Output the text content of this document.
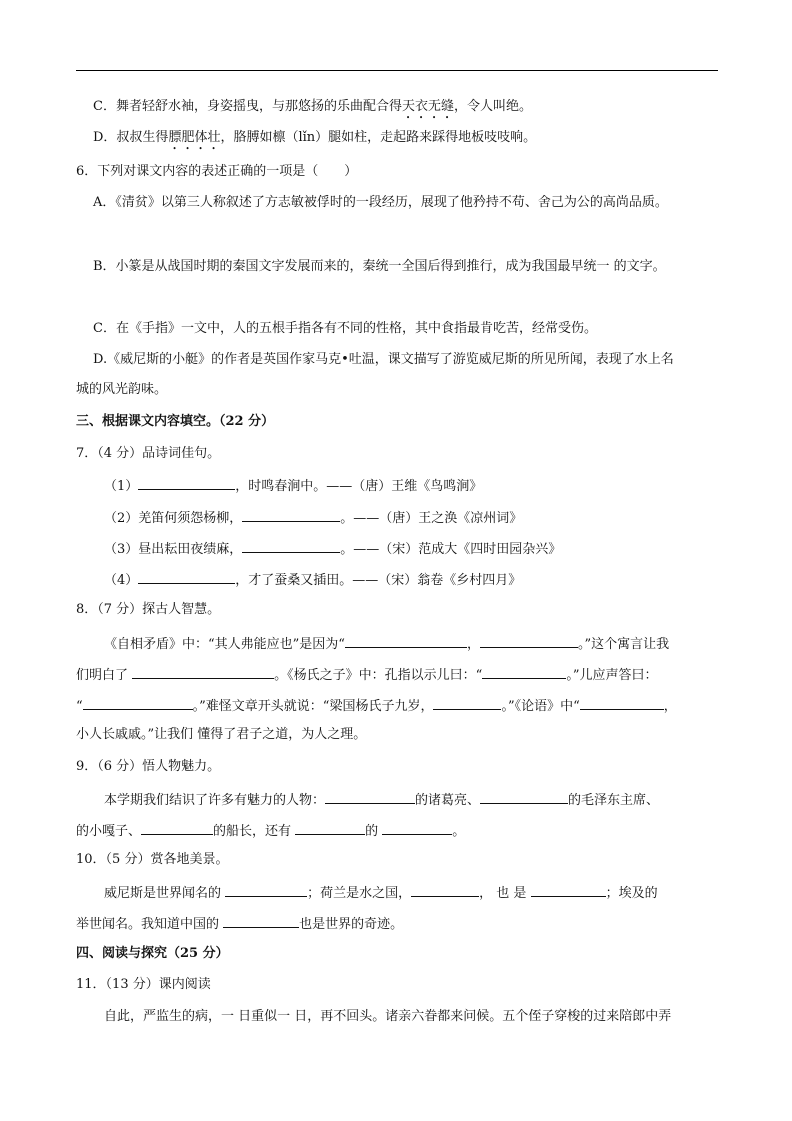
C．舞者轻舒水袖，身姿摇曳，与那悠扬的乐曲配合得天衣无缝，令人叫绝。
D．叔叔生得膘肥体壮，胳膊如檩（lǐn）腿如柱，走起路来踩得地板吱吱响。
6．下列对课文内容的表述正确的一项是（　　）
A．《清贫》以第三人称叙述了方志敏被俘时的一段经历，展现了他矜持不苟、舍己为公的高尚品质。
B．小篆是从战国时期的秦国文字发展而来的，秦统一全国后得到推行，成为我国最早统一 的文字。
C．在《手指》一文中，人的五根手指各有不同的性格，其中食指最肯吃苦，经常受伤。
D.《威尼斯的小艇》的作者是英国作家马克•吐温，课文描写了游览威尼斯的所见所闻，表现了水上名
城的风光韵味。
三、根据课文内容填空。（22 分）
7．（4 分）品诗词佳句。
（1）	，时鸣春涧中。——（唐）王维《鸟鸣涧》
（2）羌笛何须怨杨柳，	。——（唐）王之涣《凉州词》
（3）昼出耘田夜绩麻，	。——（宋）范成大《四时田园杂兴》
（4）	，才了蚕桑又插田。——（宋）翁卷《乡村四月》
8．（7 分）探古人智慧。
《自相矛盾》中：“其人弗能应也”是因为“	，	。”这个寓言让我
们明白了	。《杨氏之子》中：孔指以示儿曰：“	。”儿应声答曰：
“	。”难怪文章开头就说：“梁国杨氏子九岁，	。”《论语》中“	，
小人长戚戚。”让我们 懂得了君子之道，为人之理。
9．（6 分）悟人物魅力。
本学期我们结识了许多有魅力的人物：	的诸葛亮、	的毛泽东主席、
的小嘎子、	的船长，还有	的	。
10．（5 分）赏各地美景。
威尼斯是世界闻名的	；荷兰是水之国，	， 也 是	；埃及的
举世闻名。我知道中国的	也是世界的奇迹。
四、阅读与探究（25 分）
11．（13 分）课内阅读
自此，严监生的病，一 日重似一 日，再不回头。诸亲六眷都来问候。五个侄子穿梭的过来陪郎中弄
